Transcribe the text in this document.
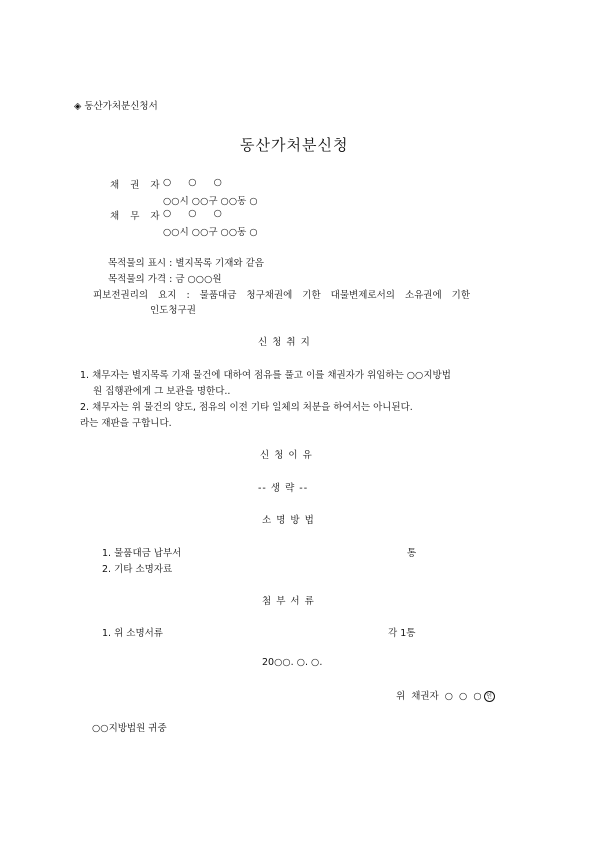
◈ 동산가처분신청서
동산가처분신청
채 권 자 ○ ○ ○
○○시 ○○구 ○○동 ○
채 무 자 ○ ○ ○
○○시 ○○구 ○○동 ○
목적물의 표시 : 별지목록 기재와 같음
목적물의 가격 : 금 ○○○원
피보전권리의 요지 : 물품대금 청구채권에 기한 대물변제로서의 소유권에 기한
인도청구권
신 청 취 지
1. 채무자는 별지목록 기재 물건에 대하여 점유를 풀고 이를 채권자가 위임하는 ○○지방법
원 집행관에게 그 보관을 명한다..
2. 채무자는 위 물건의 양도, 점유의 이전 기타 일체의 처분을 하여서는 아니된다.
라는 재판을 구합니다.
신 청 이 유
-- 생 략 --
소 명 방 법
1. 물품대금 납부서	통
2. 기타 소명자료
첨 부 서 류
1. 위 소명서류	각 1통
20○○. ○. ○.
위 채권자 ○ ○ ○ 인
○○지방법원 귀중
